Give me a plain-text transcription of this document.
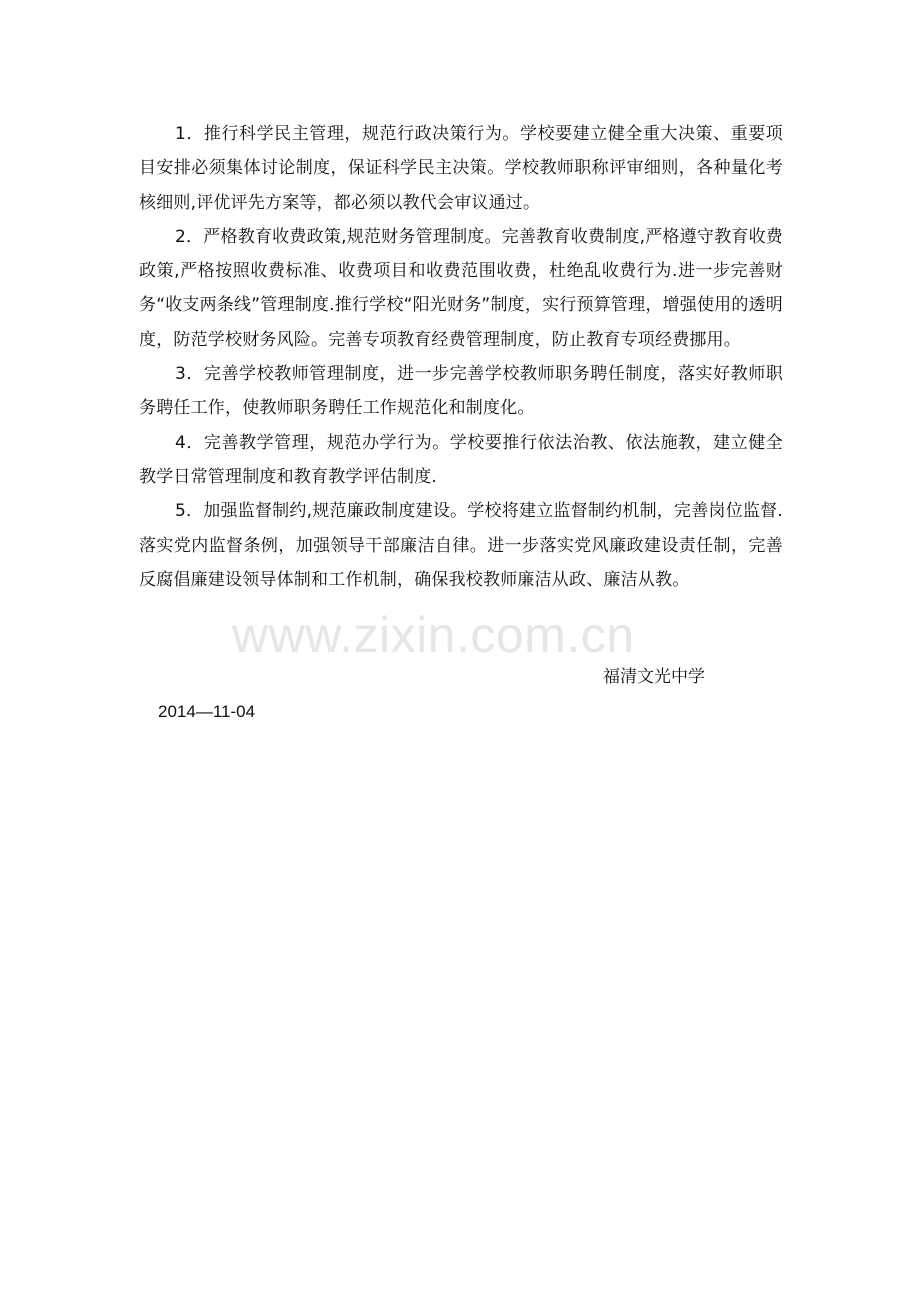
1．推行科学民主管理，规范行政决策行为。学校要建立健全重大决策、重要项目安排必须集体讨论制度，保证科学民主决策。学校教师职称评审细则，各种量化考核细则,评优评先方案等，都必须以教代会审议通过。

2．严格教育收费政策,规范财务管理制度。完善教育收费制度,严格遵守教育收费政策,严格按照收费标准、收费项目和收费范围收费，杜绝乱收费行为.进一步完善财务“收支两条线”管理制度.推行学校“阳光财务”制度，实行预算管理，增强使用的透明度，防范学校财务风险。完善专项教育经费管理制度，防止教育专项经费挪用。

3．完善学校教师管理制度，进一步完善学校教师职务聘任制度，落实好教师职务聘任工作，使教师职务聘任工作规范化和制度化。

4．完善教学管理，规范办学行为。学校要推行依法治教、依法施教，建立健全教学日常管理制度和教育教学评估制度.

5．加强监督制约,规范廉政制度建设。学校将建立监督制约机制，完善岗位监督.落实党内监督条例，加强领导干部廉洁自律。进一步落实党风廉政建设责任制，完善反腐倡廉建设领导体制和工作机制，确保我校教师廉洁从政、廉洁从教。

www.zixin.com.cn
福清文光中学
2014—11-04
